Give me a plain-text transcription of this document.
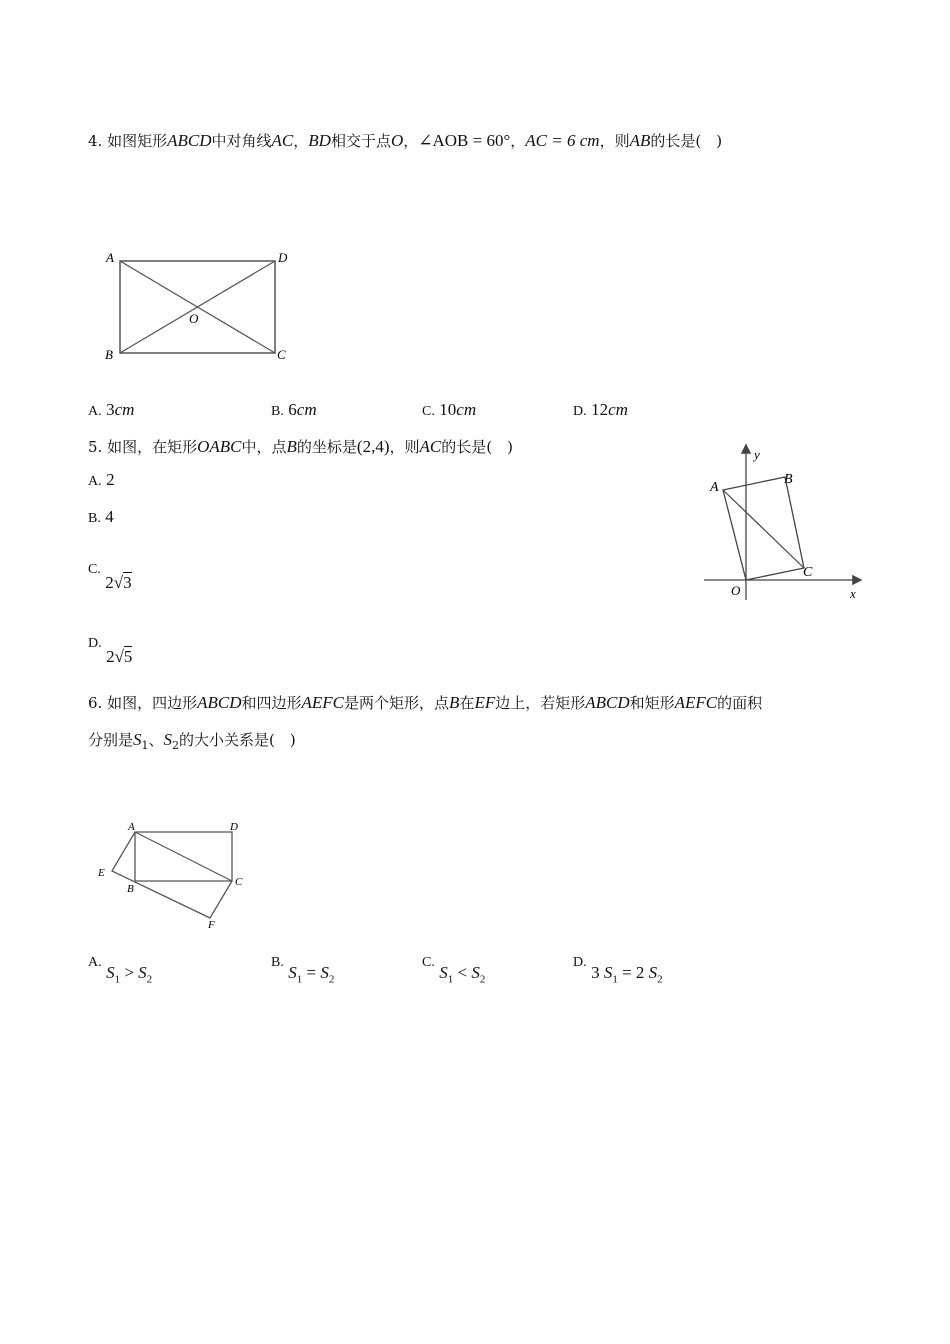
4. 如图矩形ABCD中对角线AC，BD相交于点O，∠AOB = 60°，AC = 6 cm，则AB的长是(　)
A	D
B	C
O
A. 3cm	B. 6cm	C. 10cm	D. 12cm
5. 如图，在矩形OABC中，点B的坐标是(2,4)，则AC的长是(　)
A. 2
B. 4
C. 2√3
D. 2√5
A
B
C
O	x
y
6. 如图，四边形ABCD和四边形AEFC是两个矩形，点B在EF边上，若矩形ABCD和矩形AEFC的面积
分别是$S_1$、$S_2$的大小关系是(　)
A	D
E
B
C
F
A. $S_1 > S_2$
B. $S_1 = S_2$
C. $S_1 < S_2$
D. 3 $S_1 = 2$ $S_2$
